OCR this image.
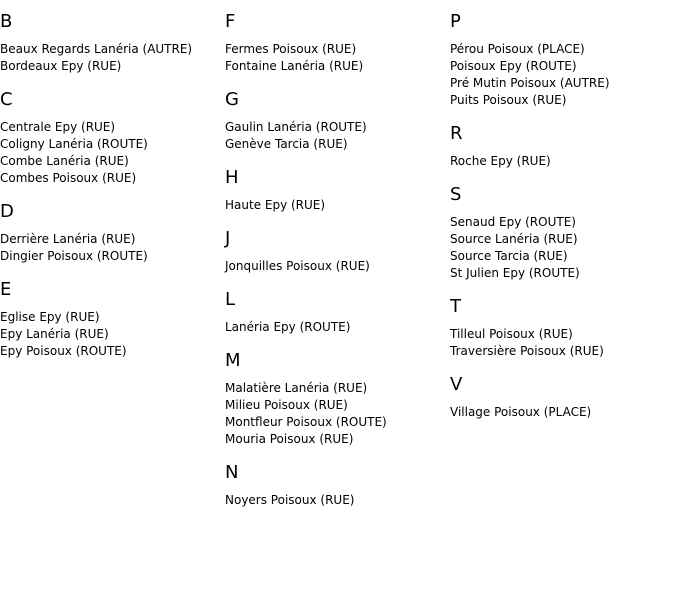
B
Beaux Regards Lanéria (AUTRE)
Bordeaux Epy (RUE)
C
Centrale Epy (RUE)
Coligny Lanéria (ROUTE)
Combe Lanéria (RUE)
Combes Poisoux (RUE)
D
Derrière Lanéria (RUE)
Dingier Poisoux (ROUTE)
E
Eglise Epy (RUE)
Epy Lanéria (RUE)
Epy Poisoux (ROUTE)
F
Fermes Poisoux (RUE)
Fontaine Lanéria (RUE)
G
Gaulin Lanéria (ROUTE)
Genève Tarcia (RUE)
H
Haute Epy (RUE)
J
Jonquilles Poisoux (RUE)
L
Lanéria Epy (ROUTE)
M
Malatière Lanéria (RUE)
Milieu Poisoux (RUE)
Montfleur Poisoux (ROUTE)
Mouria Poisoux (RUE)
N
Noyers Poisoux (RUE)
P
Pérou Poisoux (PLACE)
Poisoux Epy (ROUTE)
Pré Mutin Poisoux (AUTRE)
Puits Poisoux (RUE)
R
Roche Epy (RUE)
S
Senaud Epy (ROUTE)
Source Lanéria (RUE)
Source Tarcia (RUE)
St Julien Epy (ROUTE)
T
Tilleul Poisoux (RUE)
Traversière Poisoux (RUE)
V
Village Poisoux (PLACE)
